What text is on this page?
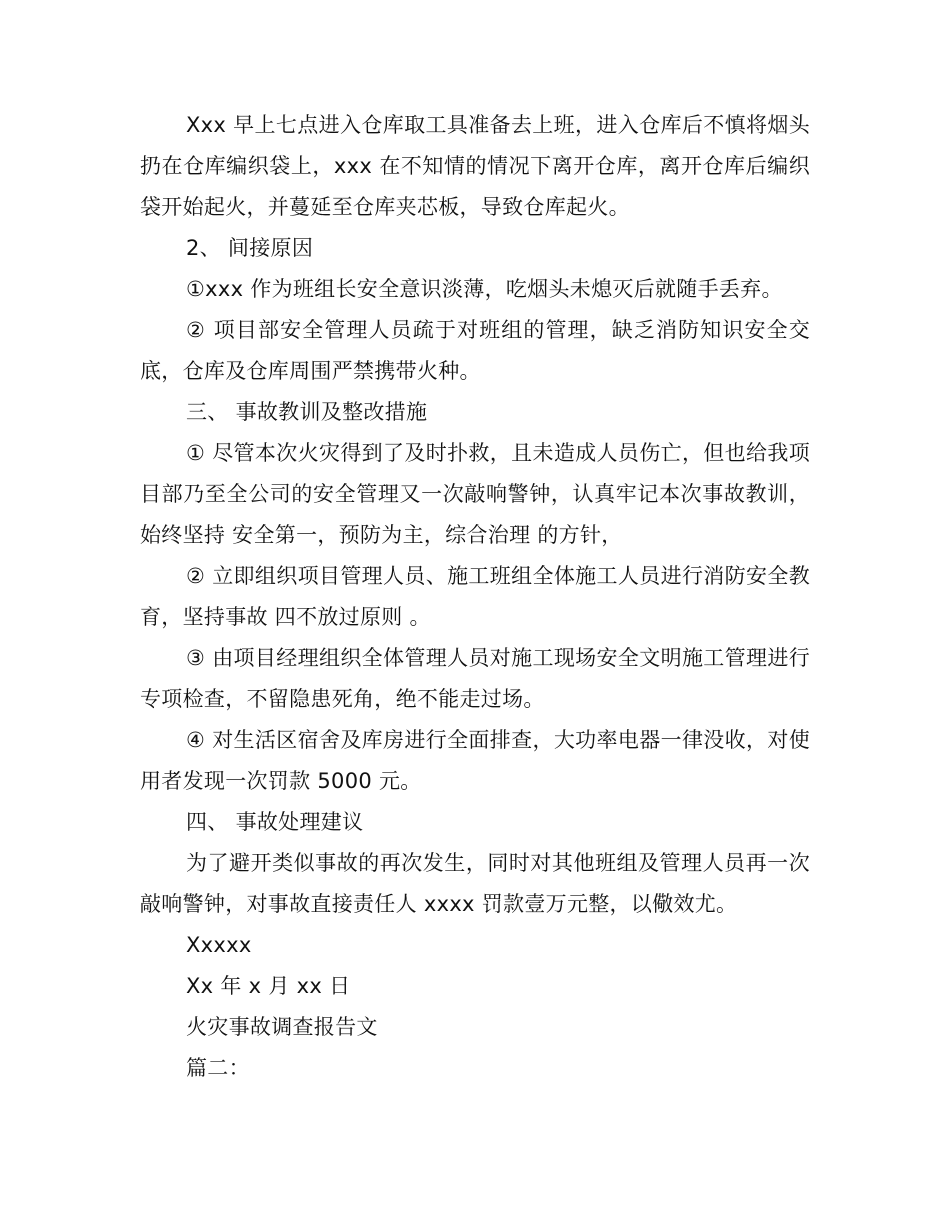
Xxx 早上七点进入仓库取工具准备去上班，进入仓库后不慎将烟头扔在仓库编织袋上，xxx 在不知情的情况下离开仓库，离开仓库后编织袋开始起火，并蔓延至仓库夹芯板，导致仓库起火。

2、 间接原因

①xxx 作为班组长安全意识淡薄，吃烟头未熄灭后就随手丢弃。

② 项目部安全管理人员疏于对班组的管理，缺乏消防知识安全交底，仓库及仓库周围严禁携带火种。

三、 事故教训及整改措施

① 尽管本次火灾得到了及时扑救，且未造成人员伤亡，但也给我项目部乃至全公司的安全管理又一次敲响警钟，认真牢记本次事故教训，始终坚持 安全第一，预防为主，综合治理 的方针，

② 立即组织项目管理人员、施工班组全体施工人员进行消防安全教育，坚持事故 四不放过原则 。

③ 由项目经理组织全体管理人员对施工现场安全文明施工管理进行专项检查，不留隐患死角，绝不能走过场。

④ 对生活区宿舍及库房进行全面排查，大功率电器一律没收，对使用者发现一次罚款 5000 元。

四、 事故处理建议

为了避开类似事故的再次发生，同时对其他班组及管理人员再一次敲响警钟，对事故直接责任人 xxxx 罚款壹万元整，以儆效尤。

Xxxxx

Xx 年 x 月 xx 日

火灾事故调查报告文

篇二：
